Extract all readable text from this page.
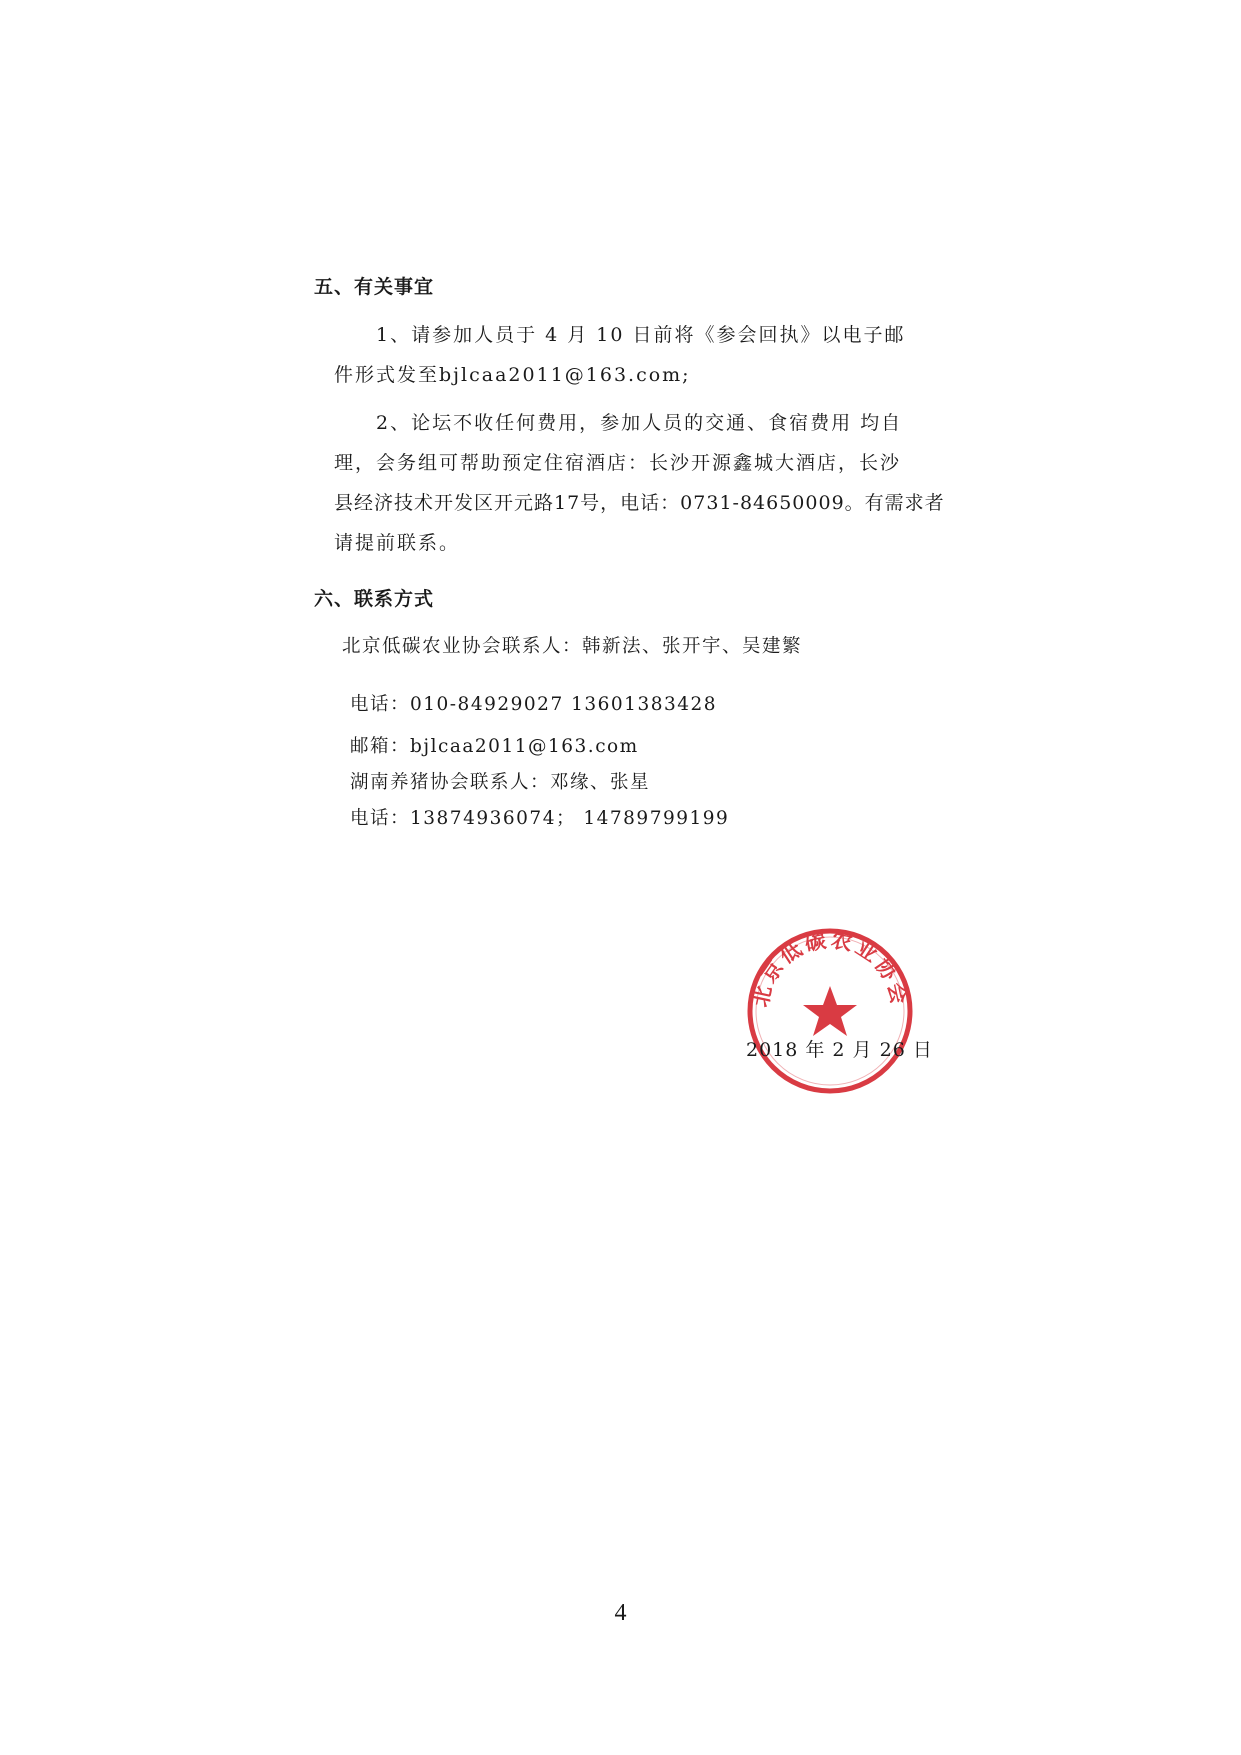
五、有关事宜
1、请参加人员于 4 月 10 日前将《参会回执》以电子邮
件形式发至bjlcaa2011@163.com;
2、论坛不收任何费用，参加人员的交通、食宿费用 均自
理，会务组可帮助预定住宿酒店：长沙开源鑫城大酒店，长沙
县经济技术开发区开元路17号，电话：0731-84650009。有需求者
请提前联系。
六、联系方式
北京低碳农业协会联系人：韩新法、张开宇、吴建繁
电话：010-84929027 13601383428
邮箱：bjlcaa2011@163.com
湖南养猪协会联系人：邓缘、张星
电话：13874936074； 14789799199
北京低碳农业协会
2018 年 2 月 26 日
4
